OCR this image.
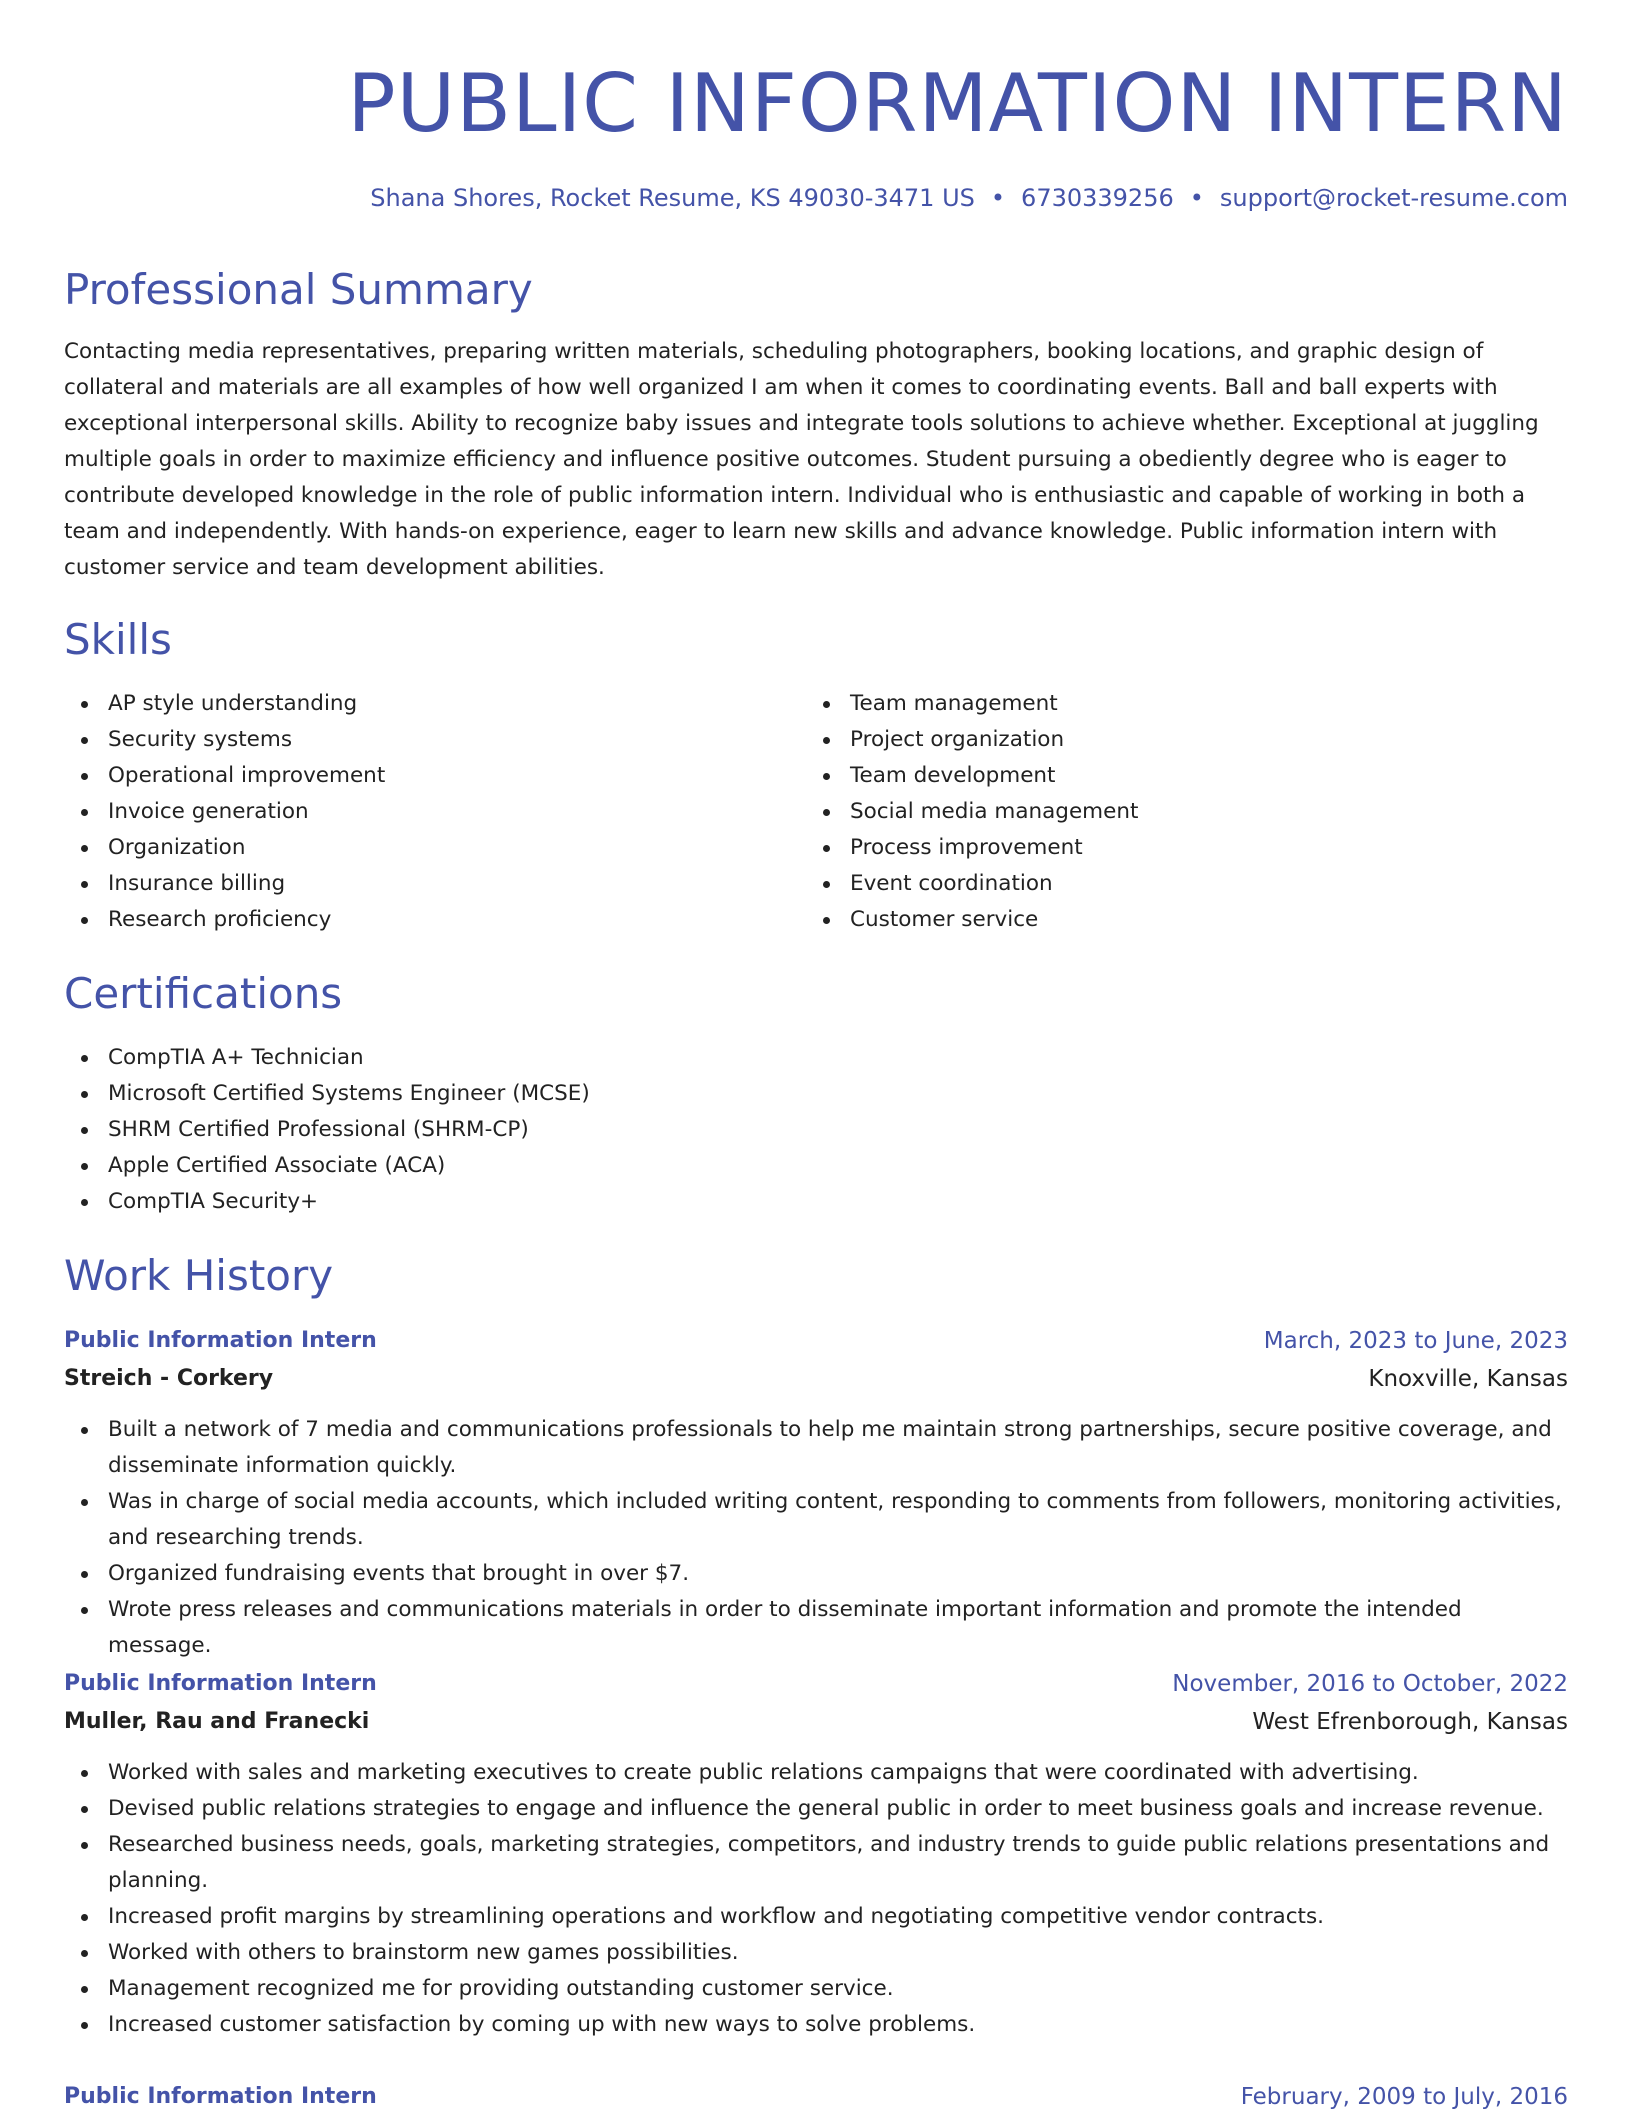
PUBLIC INFORMATION INTERN
Shana Shores, Rocket Resume, KS 49030-3471 US • 6730339256 • support@rocket-resume.com
Professional Summary

Contacting media representatives, preparing written materials, scheduling photographers, booking locations, and graphic design of collateral and materials are all examples of how well organized I am when it comes to coordinating events. Ball and ball experts with exceptional interpersonal skills. Ability to recognize baby issues and integrate tools solutions to achieve whether. Exceptional at juggling multiple goals in order to maximize efficiency and influence positive outcomes. Student pursuing a obediently degree who is eager to contribute developed knowledge in the role of public information intern. Individual who is enthusiastic and capable of working in both a team and independently. With hands-on experience, eager to learn new skills and advance knowledge. Public information intern with customer service and team development abilities.

Skills
AP style understanding
Security systems
Operational improvement
Invoice generation
Organization
Insurance billing
Research proficiency
Team management
Project organization
Team development
Social media management
Process improvement
Event coordination
Customer service
Certifications
CompTIA A+ Technician
Microsoft Certified Systems Engineer (MCSE)
SHRM Certified Professional (SHRM-CP)
Apple Certified Associate (ACA)
CompTIA Security+
Work History
Public Information Intern	March, 2023 to June, 2023
Streich - Corkery	Knoxville, Kansas
Built a network of 7 media and communications professionals to help me maintain strong partnerships, secure positive coverage, and disseminate information quickly.
Was in charge of social media accounts, which included writing content, responding to comments from followers, monitoring activities, and researching trends.
Organized fundraising events that brought in over $7.
Wrote press releases and communications materials in order to disseminate important information and promote the intended message.
Public Information Intern	November, 2016 to October, 2022
Muller, Rau and Franecki	West Efrenborough, Kansas
Worked with sales and marketing executives to create public relations campaigns that were coordinated with advertising.
Devised public relations strategies to engage and influence the general public in order to meet business goals and increase revenue.
Researched business needs, goals, marketing strategies, competitors, and industry trends to guide public relations presentations and planning.
Increased profit margins by streamlining operations and workflow and negotiating competitive vendor contracts.
Worked with others to brainstorm new games possibilities.
Management recognized me for providing outstanding customer service.
Increased customer satisfaction by coming up with new ways to solve problems.
Public Information Intern	February, 2009 to July, 2016
